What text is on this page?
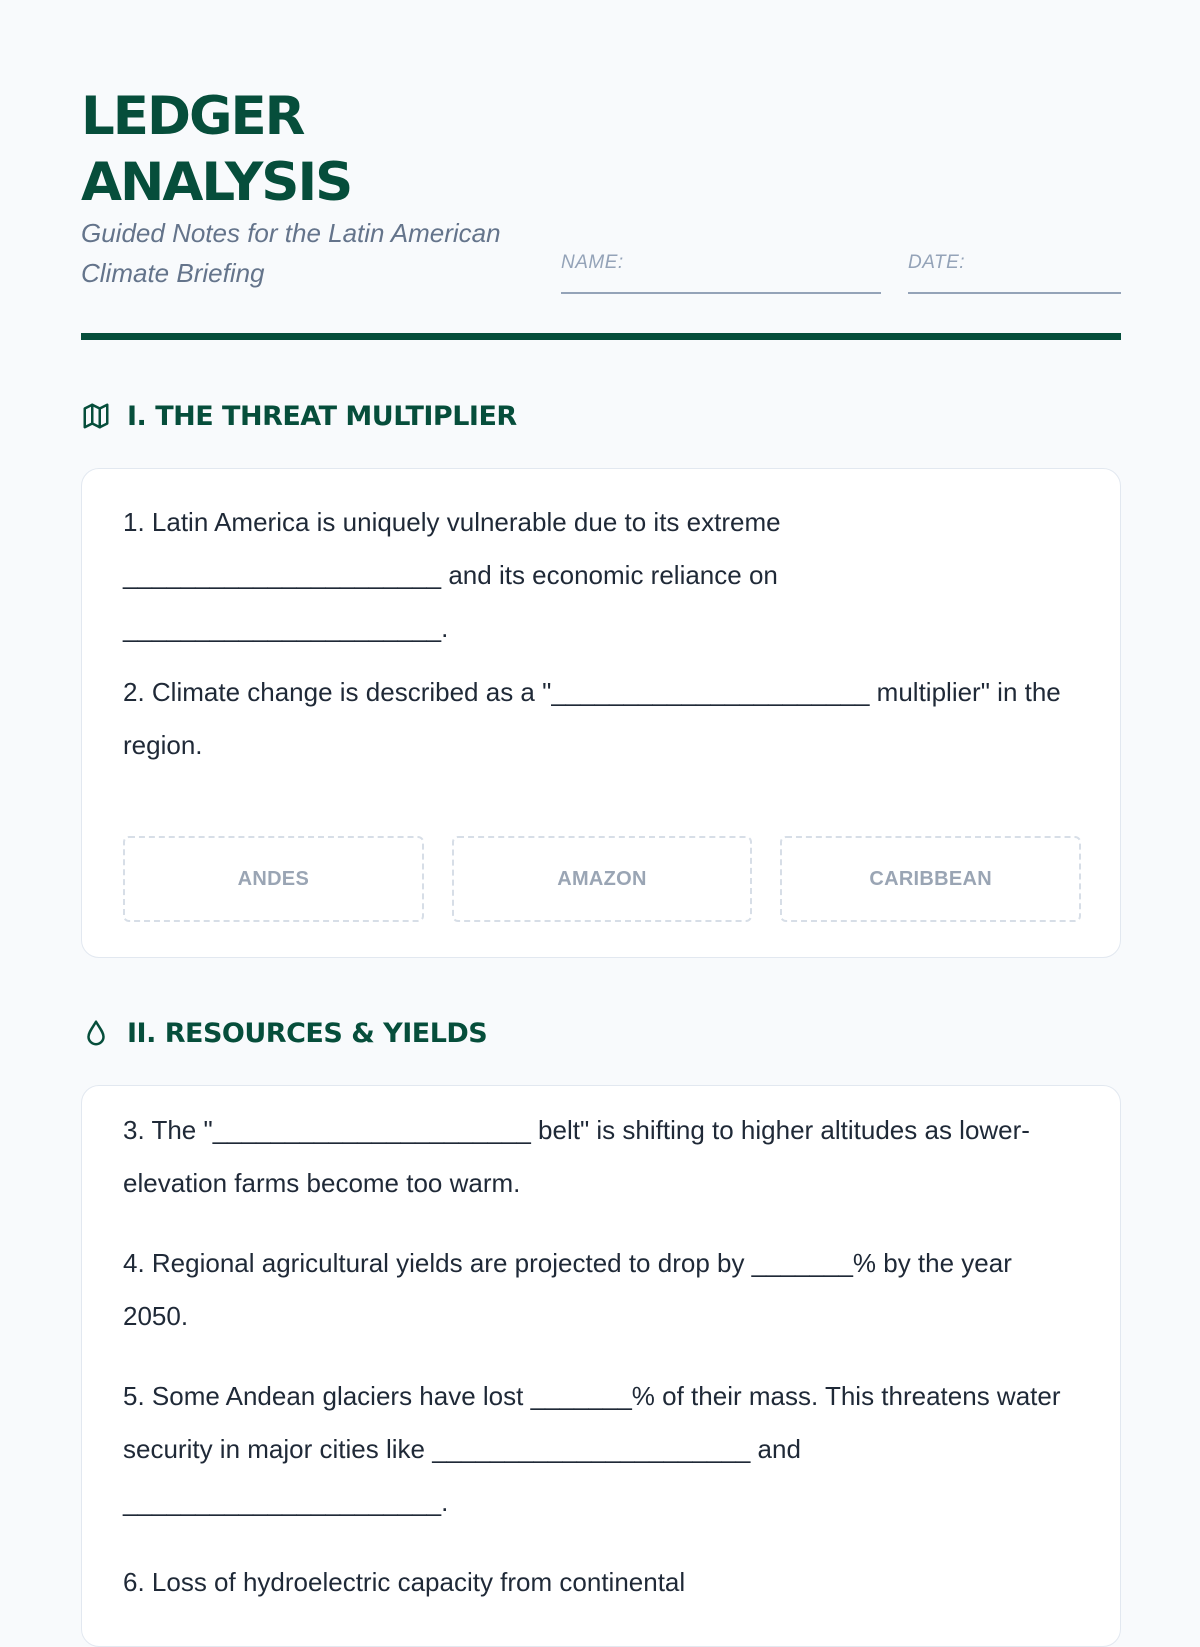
LEDGER
ANALYSIS
Guided Notes for the Latin American
Climate Briefing	NAME:	DATE:
I. THE THREAT MULTIPLIER
1. Latin America is uniquely vulnerable due to its extreme ______________________ and its economic reliance on ______________________.
2. Climate change is described as a "______________________ multiplier" in the region.
ANDES	AMAZON	CARIBBEAN
II. RESOURCES & YIELDS
3. The "______________________ belt" is shifting to higher altitudes as lower-elevation farms become too warm.
4. Regional agricultural yields are projected to drop by _______% by the year 2050.
5. Some Andean glaciers have lost _______% of their mass. This threatens water security in major cities like ______________________ and ______________________.
6. Loss of hydroelectric capacity from continental
